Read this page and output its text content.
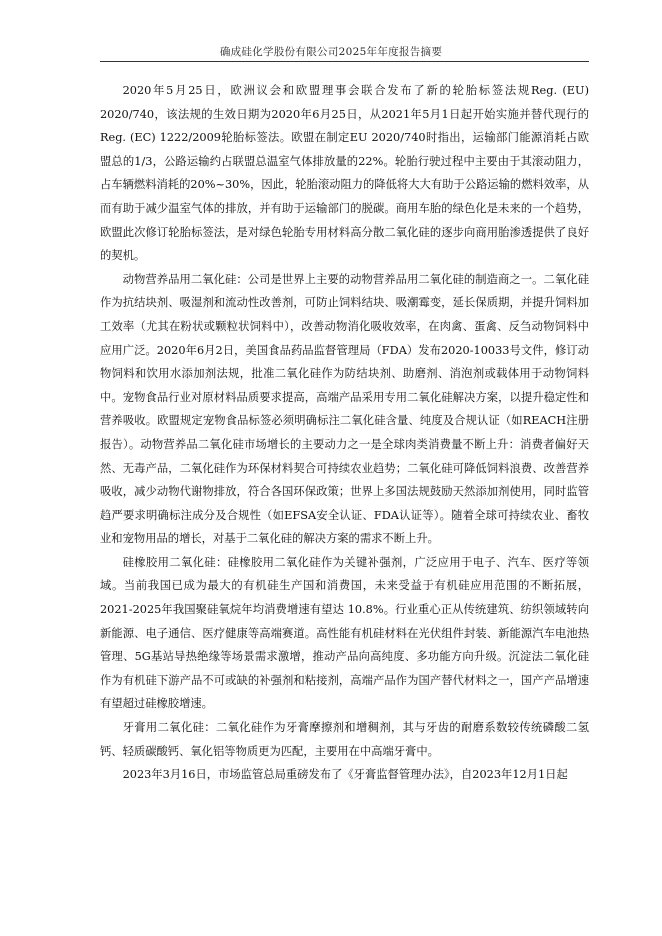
确成硅化学股份有限公司2025年年度报告摘要

2020年5月25日，欧洲议会和欧盟理事会联合发布了新的轮胎标签法规Reg. (EU) 2020/740，该法规的生效日期为2020年6月25日，从2021年5月1日起开始实施并替代现行的Reg. (EC) 1222/2009轮胎标签法。欧盟在制定EU 2020/740时指出，运输部门能源消耗占欧盟总的1/3，公路运输约占联盟总温室气体排放量的22%。轮胎行驶过程中主要由于其滚动阻力，占车辆燃料消耗的20%~30%，因此，轮胎滚动阻力的降低将大大有助于公路运输的燃料效率，从而有助于减少温室气体的排放，并有助于运输部门的脱碳。商用车胎的绿色化是未来的一个趋势，欧盟此次修订轮胎标签法，是对绿色轮胎专用材料高分散二氧化硅的逐步向商用胎渗透提供了良好的契机。

动物营养品用二氧化硅：公司是世界上主要的动物营养品用二氧化硅的制造商之一。二氧化硅作为抗结块剂、吸湿剂和流动性改善剂，可防止饲料结块、吸潮霉变，延长保质期，并提升饲料加工效率（尤其在粉状或颗粒状饲料中），改善动物消化吸收效率，在肉禽、蛋禽、反刍动物饲料中应用广泛。2020年6月2日，美国食品药品监督管理局（FDA）发布2020-10033号文件，修订动物饲料和饮用水添加剂法规，批准二氧化硅作为防结块剂、助磨剂、消泡剂或载体用于动物饲料中。宠物食品行业对原材料品质要求提高，高端产品采用专用二氧化硅解决方案，以提升稳定性和营养吸收。欧盟规定宠物食品标签必须明确标注二氧化硅含量、纯度及合规认证（如REACH注册报告）。动物营养品二氧化硅市场增长的主要动力之一是全球肉类消费量不断上升：消费者偏好天然、无毒产品，二氧化硅作为环保材料契合可持续农业趋势；二氧化硅可降低饲料浪费、改善营养吸收，减少动物代谢物排放，符合各国环保政策；世界上多国法规鼓励天然添加剂使用，同时监管趋严要求明确标注成分及合规性（如EFSA安全认证、FDA认证等）。随着全球可持续农业、畜牧业和宠物用品的增长，对基于二氧化硅的解决方案的需求不断上升。

硅橡胶用二氧化硅：硅橡胶用二氧化硅作为关键补强剂，广泛应用于电子、汽车、医疗等领域。当前我国已成为最大的有机硅生产国和消费国，未来受益于有机硅应用范围的不断拓展，2021-2025年我国聚硅氧烷年均消费增速有望达 10.8%。行业重心正从传统建筑、纺织领域转向新能源、电子通信、医疗健康等高端赛道。高性能有机硅材料在光伏组件封装、新能源汽车电池热管理、5G基站导热绝缘等场景需求激增，推动产品向高纯度、多功能方向升级。沉淀法二氧化硅作为有机硅下游产品不可或缺的补强剂和粘接剂，高端产品作为国产替代材料之一，国产产品增速有望超过硅橡胶增速。

牙膏用二氧化硅：二氧化硅作为牙膏摩擦剂和增稠剂，其与牙齿的耐磨系数较传统磷酸二氢钙、轻质碳酸钙、氧化铝等物质更为匹配，主要用在中高端牙膏中。

2023年3月16日，市场监管总局重磅发布了《牙膏监督管理办法》，自2023年12月1日起
